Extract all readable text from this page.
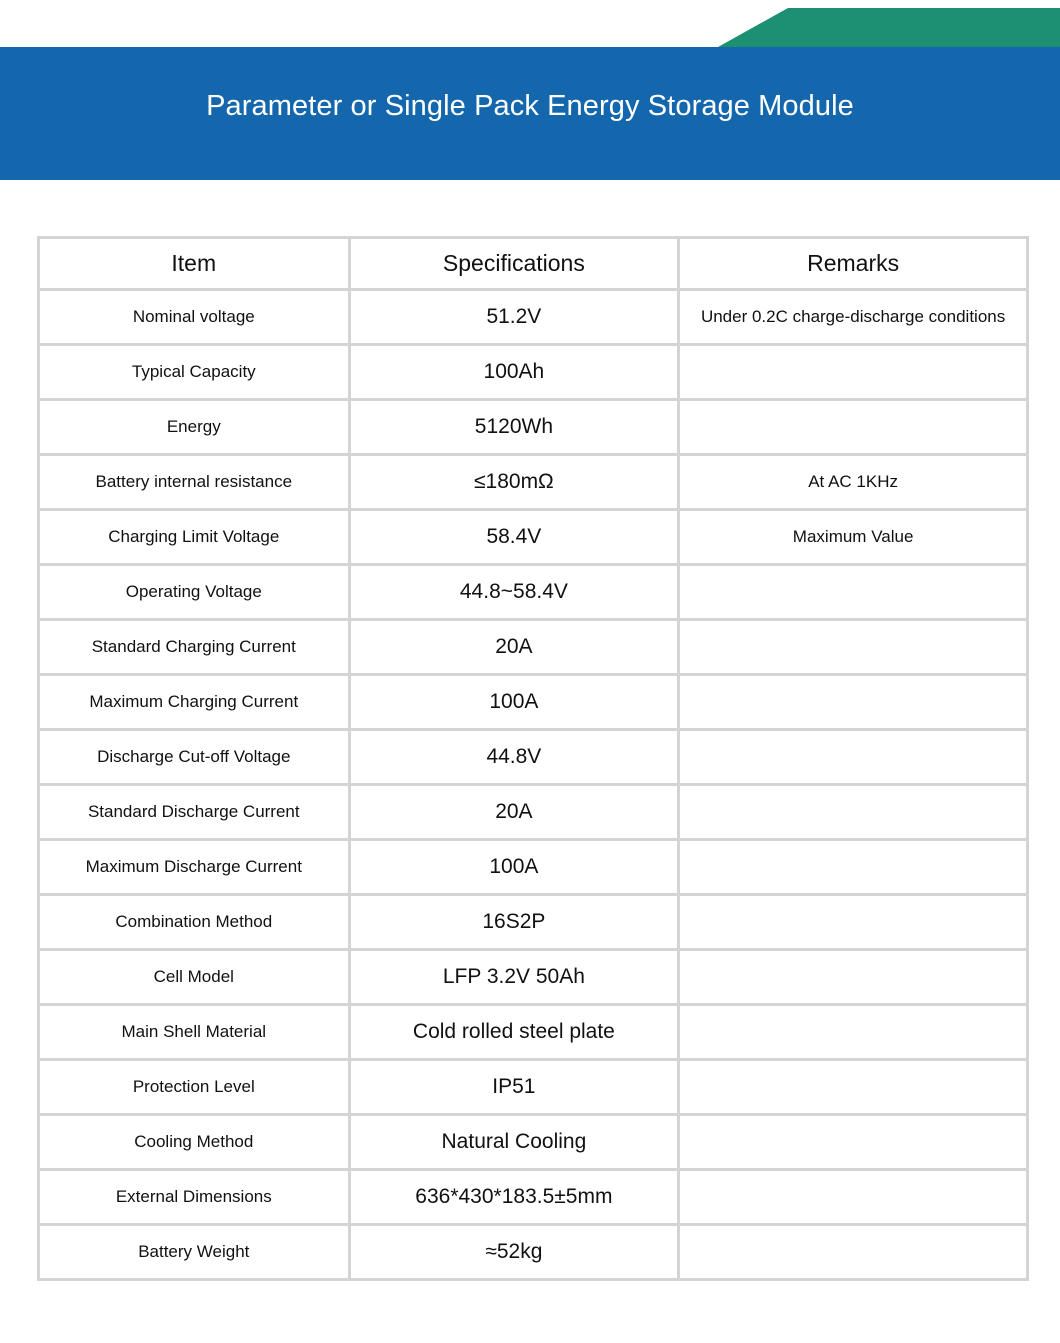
Parameter or Single Pack Energy Storage Module
Item	Specifications	Remarks
Nominal voltage	51.2V	Under 0.2C charge-discharge conditions
Typical Capacity	100Ah	
Energy	5120Wh	
Battery internal resistance	≤180mΩ	At AC 1KHz
Charging Limit Voltage	58.4V	Maximum Value
Operating Voltage	44.8~58.4V	
Standard Charging Current	20A	
Maximum Charging Current	100A	
Discharge Cut-off Voltage	44.8V	
Standard Discharge Current	20A	
Maximum Discharge Current	100A	
Combination Method	16S2P	
Cell Model	LFP 3.2V 50Ah	
Main Shell Material	Cold rolled steel plate	
Protection Level	IP51	
Cooling Method	Natural Cooling	
External Dimensions	636*430*183.5±5mm	
Battery Weight	≈52kg	
